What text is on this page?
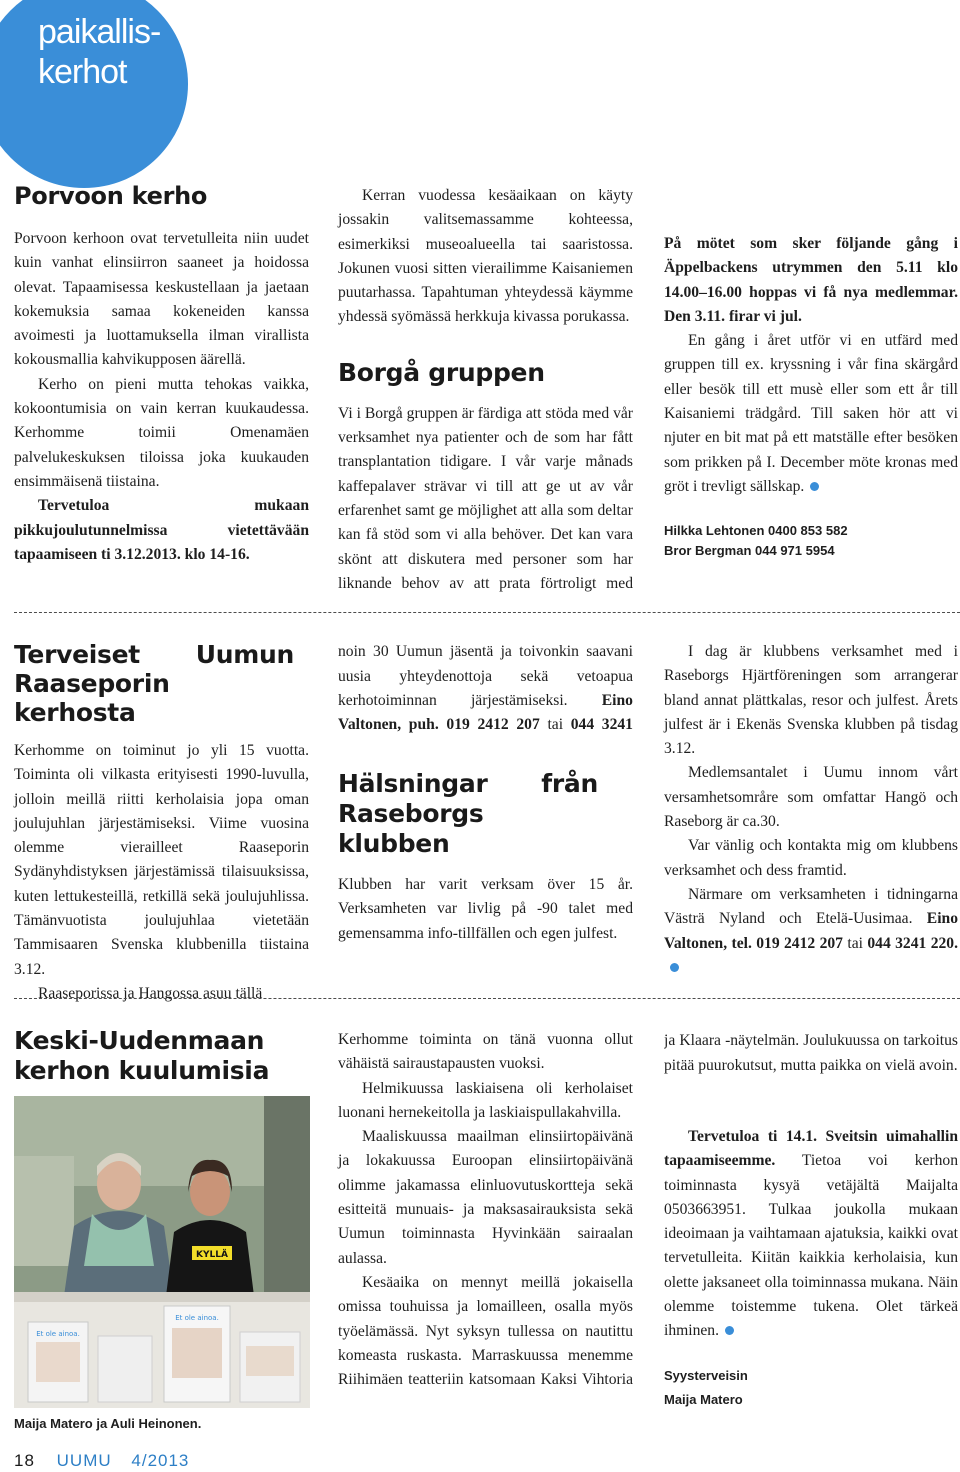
paikallis-
kerhot
Porvoon kerho

Porvoon kerhoon ovat tervetulleita niin uudet kuin vanhat elinsiirron saaneet ja hoidossa olevat. Tapaamisessa keskustellaan ja jaetaan kokemuksia samaa kokeneiden kanssa avoimesti ja luottamuksella ilman virallista kokousmallia kahvikupposen äärellä.

Kerho on pieni mutta tehokas vaikka, kokoontumisia on vain kerran kuukaudessa. Kerhomme toimii Omenamäen palvelukeskuksen tiloissa joka kuukauden ensimmäisenä tiistaina.

Tervetuloa mukaan pikkujoulutunnelmissa vietettävään tapaamiseen ti 3.12.2013. klo 14-16.

Kerran vuodessa kesäaikaan on käyty jossakin valitsemassamme kohteessa, esimerkiksi museoalueella tai saaristossa. Jokunen vuosi sitten vierailimme Kaisaniemen puutarhassa. Tapahtuman yhteydessä käymme yhdessä syömässä herkkuja kivassa porukassa.

Borgå gruppen

Vi i Borgå gruppen är färdiga att stöda med vår verksamhet nya patienter och de som har fått transplantation tidigare. I vår varje månads kaffepalaver strävar vi till att ge ut av vår erfarenhet samt ge möjlighet att alla som deltar kan få stöd som vi alla behöver. Det kan vara skönt att diskutera med personer som har liknande behov av att prata förtroligt med

På mötet som sker följande gång i Äppelbackens utrymmen den 5.11 klo 14.00–16.00 hoppas vi få nya medlemmar. Den 3.11. firar vi jul.

En gång i året utför vi en utfärd med gruppen till ex. kryssning i vår fina skärgård eller besök till ett musè eller som ett år till Kaisaniemi trädgård. Till saken hör att vi njuter en bit mat på ett matställe efter besöken som prikken på I. December möte kronas med gröt i trevligt sällskap.

Hilkka Lehtonen 0400 853 582
Bror Bergman 044 971 5954
Terveiset Uumun Raaseporin kerhosta

Kerhomme on toiminut jo yli 15 vuotta. Toiminta oli vilkasta erityisesti 1990-luvulla, jolloin meillä riitti kerholaisia jopa oman joulujuhlan järjestämiseksi. Viime vuosina olemme vierailleet Raaseporin Sydänyhdistyksen järjestämissä tilaisuuksissa, kuten lettukesteillä, retkillä sekä joulujuhlissa. Tämänvuotista joulujuhlaa vietetään Tammisaaren Svenska klubbenilla tiistaina 3.12.

Raaseporissa ja Hangossa asuu tällä

noin 30 Uumun jäsentä ja toivonkin saavani uusia yhteydenottoja sekä vetoapua kerhotoiminnan järjestämiseksi. Eino Valtonen, puh. 019 2412 207 tai 044 3241
Hälsningar från Raseborgs klubben

Klubben har varit verksam över 15 år. Verksamheten var livlig på -90 talet med gemensamma info-tillfällen och egen julfest.

I dag är klubbens verksamhet med i Raseborgs Hjärtföreningen som arrangerar bland annat plättkalas, resor och julfest. Årets julfest är i Ekenäs Svenska klubben på tisdag 3.12.

Medlemsantalet i Uumu innom vårt versamhetsområre som omfattar Hangö och Raseborg är ca.30.

Var vänlig och kontakta mig om klubbens verksamhet och dess framtid.

Närmare om verksamheten i tidningarna Västrä Nyland och Etelä-Uusimaa. Eino Valtonen, tel. 019 2412 207 tai 044 3241 220.

Keski-Uudenmaan kerhon kuulumisia
KYLLÄ
Et ole ainoa.
Et ole ainoa.
Maija Matero ja Auli Heinonen.

Kerhomme toiminta on tänä vuonna ollut vähäistä sairaustapausten vuoksi.

Helmikuussa laskiaisena oli kerholaiset luonani hernekeitolla ja laskiaispullakahvilla.

Maaliskuussa maailman elinsiirtopäivänä ja lokakuussa Euroopan elinsiirtopäivänä olimme jakamassa elinluovutuskortteja sekä esitteitä munuais- ja maksasairauksista sekä Uumun toiminnasta Hyvinkään sairaalan aulassa.

Kesäaika on mennyt meillä jokaisella omissa touhuissa ja lomailleen, osalla myös työelämässä. Nyt syksyn tullessa on nautittu komeasta ruskasta. Marraskuussa menemme Riihimäen teatteriin katsomaan Kaksi Vihtoria

ja Klaara -näytelmän. Joulukuussa on tarkoitus pitää puurokutsut, mutta paikka on vielä avoin.

Tervetuloa ti 14.1. Sveitsin uimahallin tapaamiseemme. Tietoa voi kerhon toiminnasta kysyä vetäjältä Maijalta 0503663951. Tulkaa joukolla mukaan ideoimaan ja vaihtamaan ajatuksia, kaikki ovat tervetulleita. Kiitän kaikkia kerholaisia, kun olette jaksaneet olla toiminnassa mukana. Näin olemme toistemme tukena. Olet tärkeä ihminen.

Syysterveisin
Maija Matero
18 UUMU 4/2013
